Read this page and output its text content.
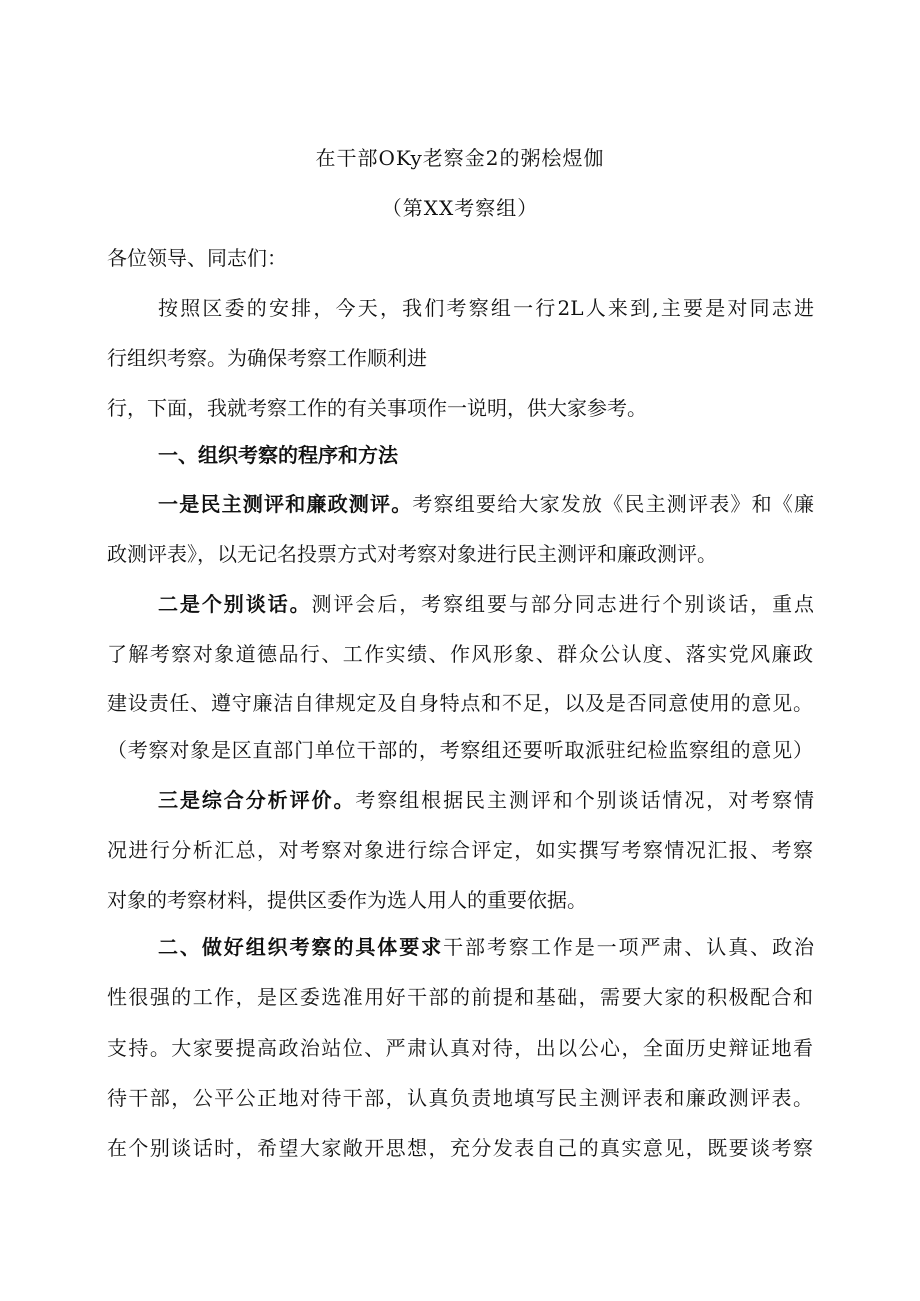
在干部OKy老察金2的粥桧煜伽
（第XX考察组）
各位领导、同志们：
按照区委的安排，今天，我们考察组一行2L人来到,主要是对同志进
行组织考察。为确保考察工作顺利进
行，下面，我就考察工作的有关事项作一说明，供大家参考。
一、组织考察的程序和方法
一是民主测评和廉政测评。考察组要给大家发放《民主测评表》和《廉
政测评表》，以无记名投票方式对考察对象进行民主测评和廉政测评。
二是个别谈话。测评会后，考察组要与部分同志进行个别谈话，重点
了解考察对象道德品行、工作实绩、作风形象、群众公认度、落实党风廉政
建设责任、遵守廉洁自律规定及自身特点和不足，以及是否同意使用的意见。
（考察对象是区直部门单位干部的，考察组还要听取派驻纪检监察组的意见）
三是综合分析评价。考察组根据民主测评和个别谈话情况，对考察情
况进行分析汇总，对考察对象进行综合评定，如实撰写考察情况汇报、考察
对象的考察材料，提供区委作为选人用人的重要依据。
二、做好组织考察的具体要求干部考察工作是一项严肃、认真、政治
性很强的工作，是区委选准用好干部的前提和基础，需要大家的积极配合和
支持。大家要提高政治站位、严肃认真对待，出以公心，全面历史辩证地看
待干部，公平公正地对待干部，认真负责地填写民主测评表和廉政测评表。
在个别谈话时，希望大家敞开思想，充分发表自己的真实意见，既要谈考察
